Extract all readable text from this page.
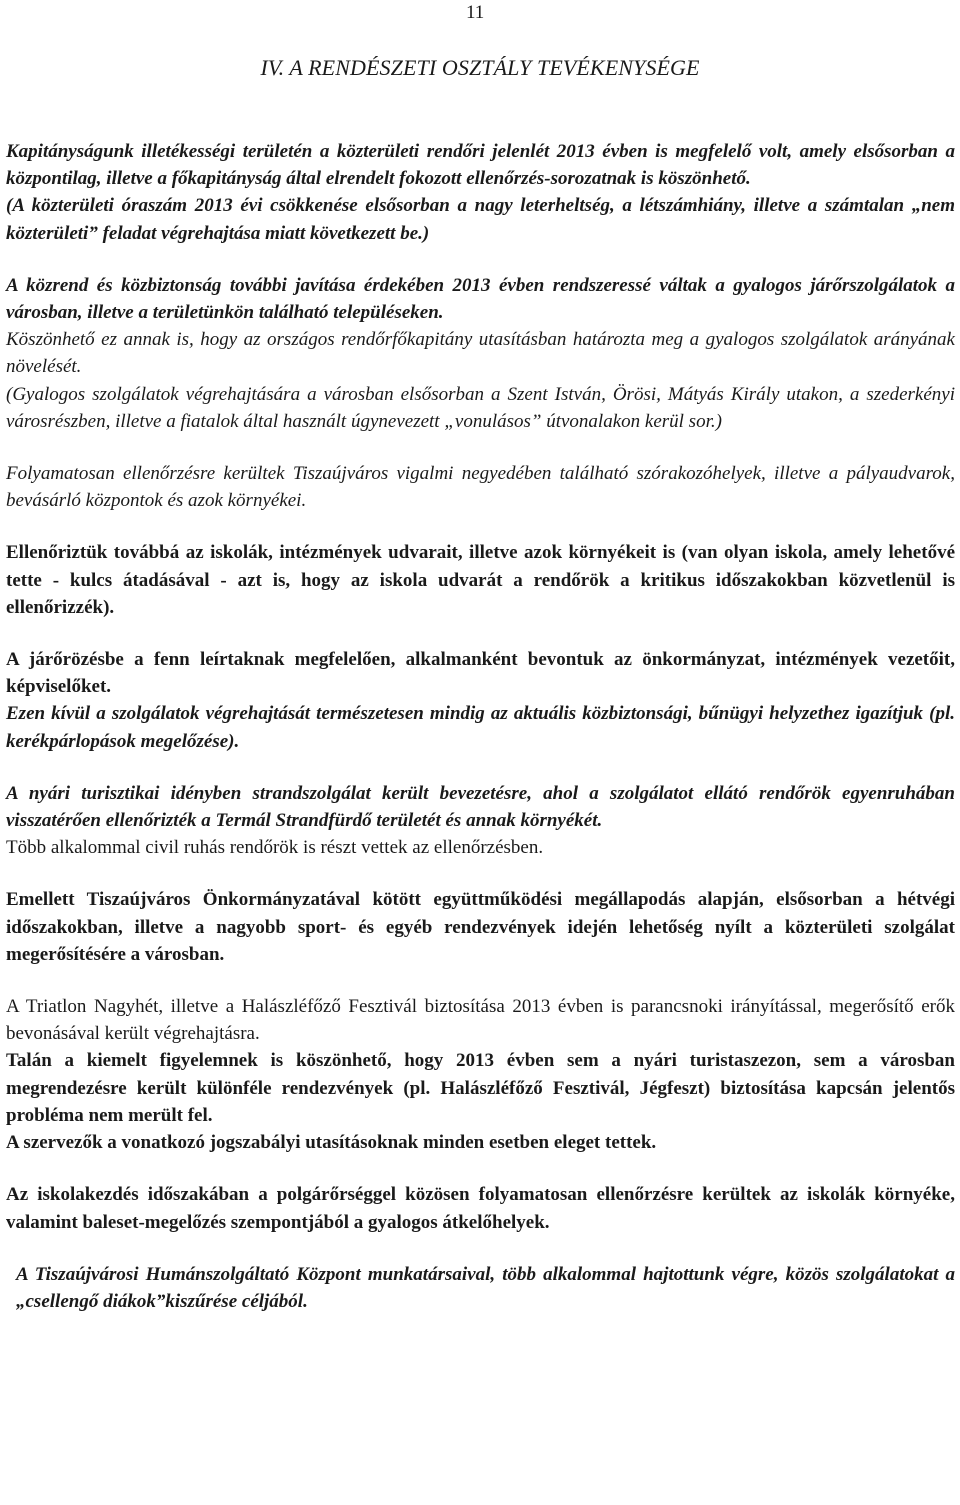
11
IV. A RENDÉSZETI OSZTÁLY TEVÉKENYSÉGE

Kapitányságunk illetékességi területén a közterületi rendőri jelenlét 2013 évben is megfelelő volt, amely elsősorban a központilag, illetve a főkapitányság által elrendelt fokozott ellenőrzés-sorozatnak is köszönhető.

(A közterületi óraszám 2013 évi csökkenése elsősorban a nagy leterheltség, a létszámhiány, illetve a számtalan „nem közterületi” feladat végrehajtása miatt következett be.)

A közrend és közbiztonság további javítása érdekében 2013 évben rendszeressé váltak a gyalogos járőrszolgálatok a városban, illetve a területünkön található településeken.

Köszönhető ez annak is, hogy az országos rendőrfőkapitány utasításban határozta meg a gyalogos szolgálatok arányának növelését.

(Gyalogos szolgálatok végrehajtására a városban elsősorban a Szent István, Örösi, Mátyás Király utakon, a szederkényi városrészben, illetve a fiatalok által használt úgynevezett „vonulásos” útvonalakon kerül sor.)

Folyamatosan ellenőrzésre kerültek Tiszaújváros vigalmi negyedében található szórakozóhelyek, illetve a pályaudvarok, bevásárló központok és azok környékei.

Ellenőriztük továbbá az iskolák, intézmények udvarait, illetve azok környékeit is (van olyan iskola, amely lehetővé tette - kulcs átadásával - azt is, hogy az iskola udvarát a rendőrök a kritikus időszakokban közvetlenül is ellenőrizzék).

A járőrözésbe a fenn leírtaknak megfelelően, alkalmanként bevontuk az önkormányzat, intézmények vezetőit, képviselőket.

Ezen kívül a szolgálatok végrehajtását természetesen mindig az aktuális közbiztonsági, bűnügyi helyzethez igazítjuk (pl. kerékpárlopások megelőzése).

A nyári turisztikai idényben strandszolgálat került bevezetésre, ahol a szolgálatot ellátó rendőrök egyenruhában visszatérően ellenőrizték a Termál Strandfürdő területét és annak környékét.

Több alkalommal civil ruhás rendőrök is részt vettek az ellenőrzésben.

Emellett Tiszaújváros Önkormányzatával kötött együttműködési megállapodás alapján, elsősorban a hétvégi időszakokban, illetve a nagyobb sport- és egyéb rendezvények idején lehetőség nyílt a közterületi szolgálat megerősítésére a városban.

A Triatlon Nagyhét, illetve a Halászléfőző Fesztivál biztosítása 2013 évben is parancsnoki irányítással, megerősítő erők bevonásával került végrehajtásra.

Talán a kiemelt figyelemnek is köszönhető, hogy 2013 évben sem a nyári turistaszezon, sem a városban megrendezésre került különféle rendezvények (pl. Halászléfőző Fesztivál, Jégfeszt) biztosítása kapcsán jelentős probléma nem merült fel.

A szervezők a vonatkozó jogszabályi utasításoknak minden esetben eleget tettek.

Az iskolakezdés időszakában a polgárőrséggel közösen folyamatosan ellenőrzésre kerültek az iskolák környéke, valamint baleset-megelőzés szempontjából a gyalogos átkelőhelyek.

A Tiszaújvárosi Humánszolgáltató Központ munkatársaival, több alkalommal hajtottunk végre, közös szolgálatokat a „csellengő diákok”kiszűrése céljából.
